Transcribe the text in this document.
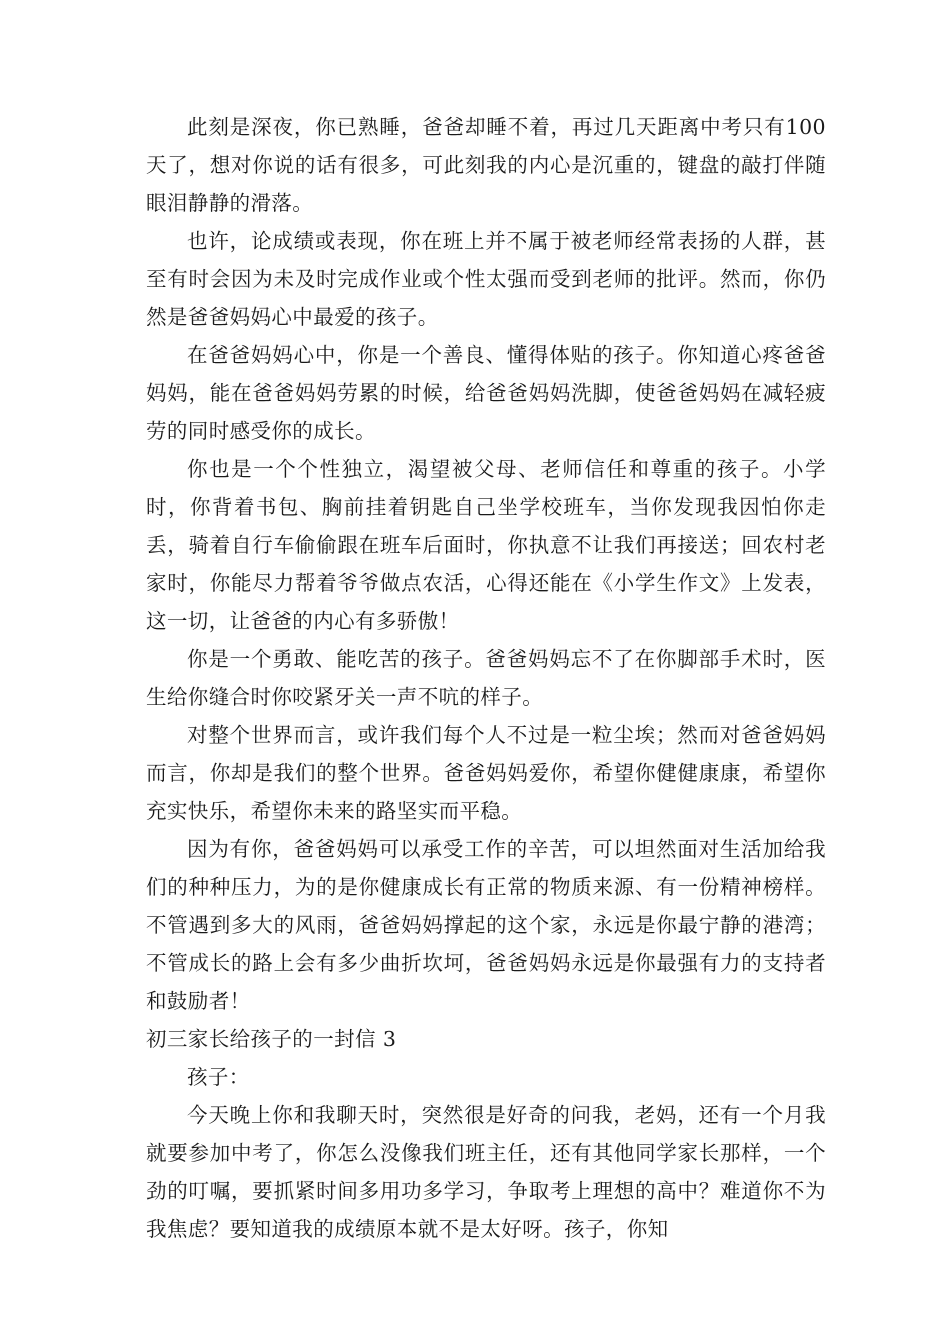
此刻是深夜，你已熟睡，爸爸却睡不着，再过几天距离中考只有100 天了，想对你说的话有很多，可此刻我的内心是沉重的，键盘的敲打伴随眼泪静静的滑落。

也许，论成绩或表现，你在班上并不属于被老师经常表扬的人群，甚至有时会因为未及时完成作业或个性太强而受到老师的批评。然而，你仍然是爸爸妈妈心中最爱的孩子。

在爸爸妈妈心中，你是一个善良、懂得体贴的孩子。你知道心疼爸爸妈妈，能在爸爸妈妈劳累的时候，给爸爸妈妈洗脚，使爸爸妈妈在减轻疲劳的同时感受你的成长。

你也是一个个性独立，渴望被父母、老师信任和尊重的孩子。小学时，你背着书包、胸前挂着钥匙自己坐学校班车，当你发现我因怕你走丢，骑着自行车偷偷跟在班车后面时，你执意不让我们再接送；回农村老家时，你能尽力帮着爷爷做点农活，心得还能在《小学生作文》上发表，这一切，让爸爸的内心有多骄傲！

你是一个勇敢、能吃苦的孩子。爸爸妈妈忘不了在你脚部手术时，医生给你缝合时你咬紧牙关一声不吭的样子。

对整个世界而言，或许我们每个人不过是一粒尘埃；然而对爸爸妈妈而言，你却是我们的整个世界。爸爸妈妈爱你，希望你健健康康，希望你充实快乐，希望你未来的路坚实而平稳。

因为有你，爸爸妈妈可以承受工作的辛苦，可以坦然面对生活加给我们的种种压力，为的是你健康成长有正常的物质来源、有一份精神榜样。不管遇到多大的风雨，爸爸妈妈撑起的这个家，永远是你最宁静的港湾；不管成长的路上会有多少曲折坎坷，爸爸妈妈永远是你最强有力的支持者和鼓励者！

初三家长给孩子的一封信 3

孩子：

今天晚上你和我聊天时，突然很是好奇的问我，老妈，还有一个月我就要参加中考了，你怎么没像我们班主任，还有其他同学家长那样，一个劲的叮嘱，要抓紧时间多用功多学习，争取考上理想的高中？难道你不为我焦虑？要知道我的成绩原本就不是太好呀。孩子，你知
